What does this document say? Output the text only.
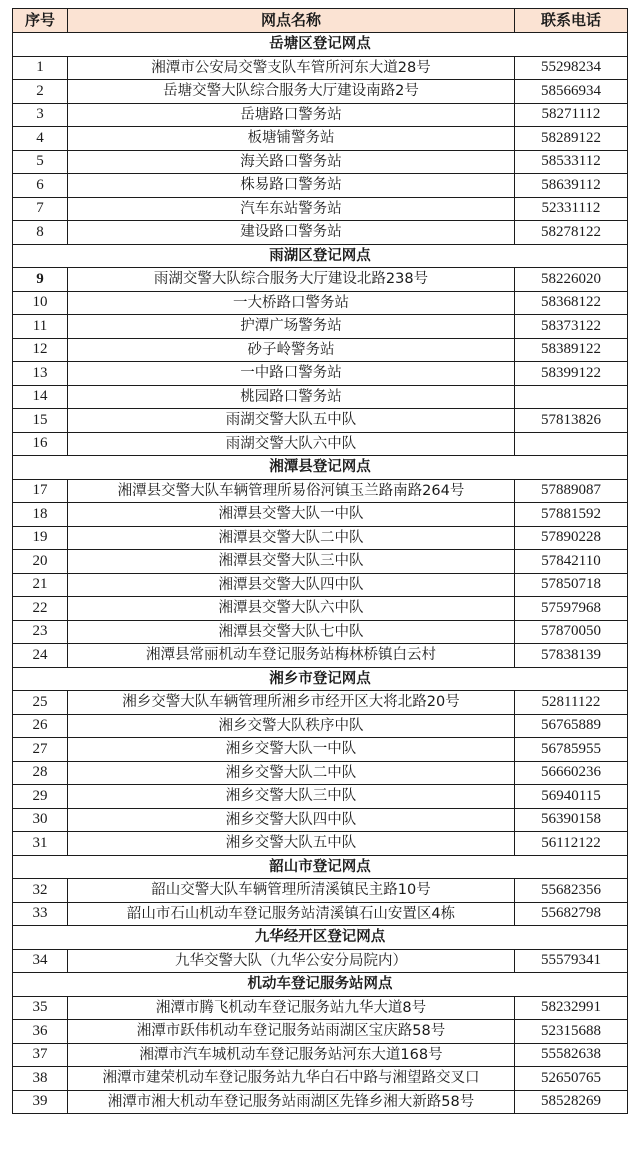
序号	网点名称	联系电话
岳塘区登记网点		
1	湘潭市公安局交警支队车管所河东大道28号	55298234
2	岳塘交警大队综合服务大厅建设南路2号	58566934
3	岳塘路口警务站	58271112
4	板塘铺警务站	58289122
5	海关路口警务站	58533112
6	株易路口警务站	58639112
7	汽车东站警务站	52331112
8	建设路口警务站	58278122
雨湖区登记网点		
9	雨湖交警大队综合服务大厅建设北路238号	58226020
10	一大桥路口警务站	58368122
11	护潭广场警务站	58373122
12	砂子岭警务站	58389122
13	一中路口警务站	58399122
14	桃园路口警务站	
15	雨湖交警大队五中队	57813826
16	雨湖交警大队六中队	
湘潭县登记网点		
17	湘潭县交警大队车辆管理所易俗河镇玉兰路南路264号	57889087
18	湘潭县交警大队一中队	57881592
19	湘潭县交警大队二中队	57890228
20	湘潭县交警大队三中队	57842110
21	湘潭县交警大队四中队	57850718
22	湘潭县交警大队六中队	57597968
23	湘潭县交警大队七中队	57870050
24	湘潭县常丽机动车登记服务站梅林桥镇白云村	57838139
湘乡市登记网点		
25	湘乡交警大队车辆管理所湘乡市经开区大将北路20号	52811122
26	湘乡交警大队秩序中队	56765889
27	湘乡交警大队一中队	56785955
28	湘乡交警大队二中队	56660236
29	湘乡交警大队三中队	56940115
30	湘乡交警大队四中队	56390158
31	湘乡交警大队五中队	56112122
韶山市登记网点		
32	韶山交警大队车辆管理所清溪镇民主路10号	55682356
33	韶山市石山机动车登记服务站清溪镇石山安置区4栋	55682798
九华经开区登记网点		
34	九华交警大队（九华公安分局院内）	55579341
机动车登记服务站网点		
35	湘潭市腾飞机动车登记服务站九华大道8号	58232991
36	湘潭市跃伟机动车登记服务站雨湖区宝庆路58号	52315688
37	湘潭市汽车城机动车登记服务站河东大道168号	55582638
38	湘潭市建荣机动车登记服务站九华白石中路与湘望路交叉口	52650765
39	湘潭市湘大机动车登记服务站雨湖区先锋乡湘大新路58号	58528269
